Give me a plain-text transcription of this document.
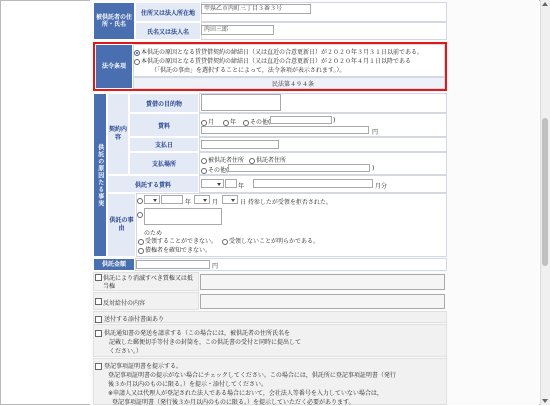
被供託者の住所・氏名
住所又は法人所在地
甲県乙市丙町三丁目３番３号
氏名又は法人名	丙田三郎
法令条項
本供託の原因となる賃貸借契約の締結日（又は直近の合意更新日）が２０２０年３月３１日以前である。
本供託の原因となる賃貸借契約の締結日（又は直近の合意更新日）が２０２０年４月１日以降である
（「供託の事由」を選択することによって，法令条項が表示されます。）。
民法第４９４条
供託の原因たる事実
契約内容
賃借の目的物
賃料	月	年	その他(	)
円
支払日
支払場所
被供託者住所	供託者住所
その他(	)
供託する賃料	年	月分
供託の事由
年	月	日 持参したが受領を拒否された。
のため
受領することができない。	受領しないことが明らかである。
債権者を確知できない。
供託金額	円
供託により消滅すべき質権又は抵当権
反対給付の内容
送付する添付書面あり
供託通知書の発送を請求する（この場合には，被供託者の住所氏名を
記載した郵便切手等付きの封筒を，この供託書の受付と同時に提出して
ください。）
登記事項証明書を提示する。
登記事項証明書の提示がない場合にチェックしてください。この場合には，供託所に登記事項証明書（発行
後３か月以内のものに限る。）を提示・添付してください。
※申請人又は代理人が登記された法人である場合において，会社法人等番号を入力していない場合は，
登記事項証明書（発行後３か月以内のものに限る。）を提示していただく必要があります。
